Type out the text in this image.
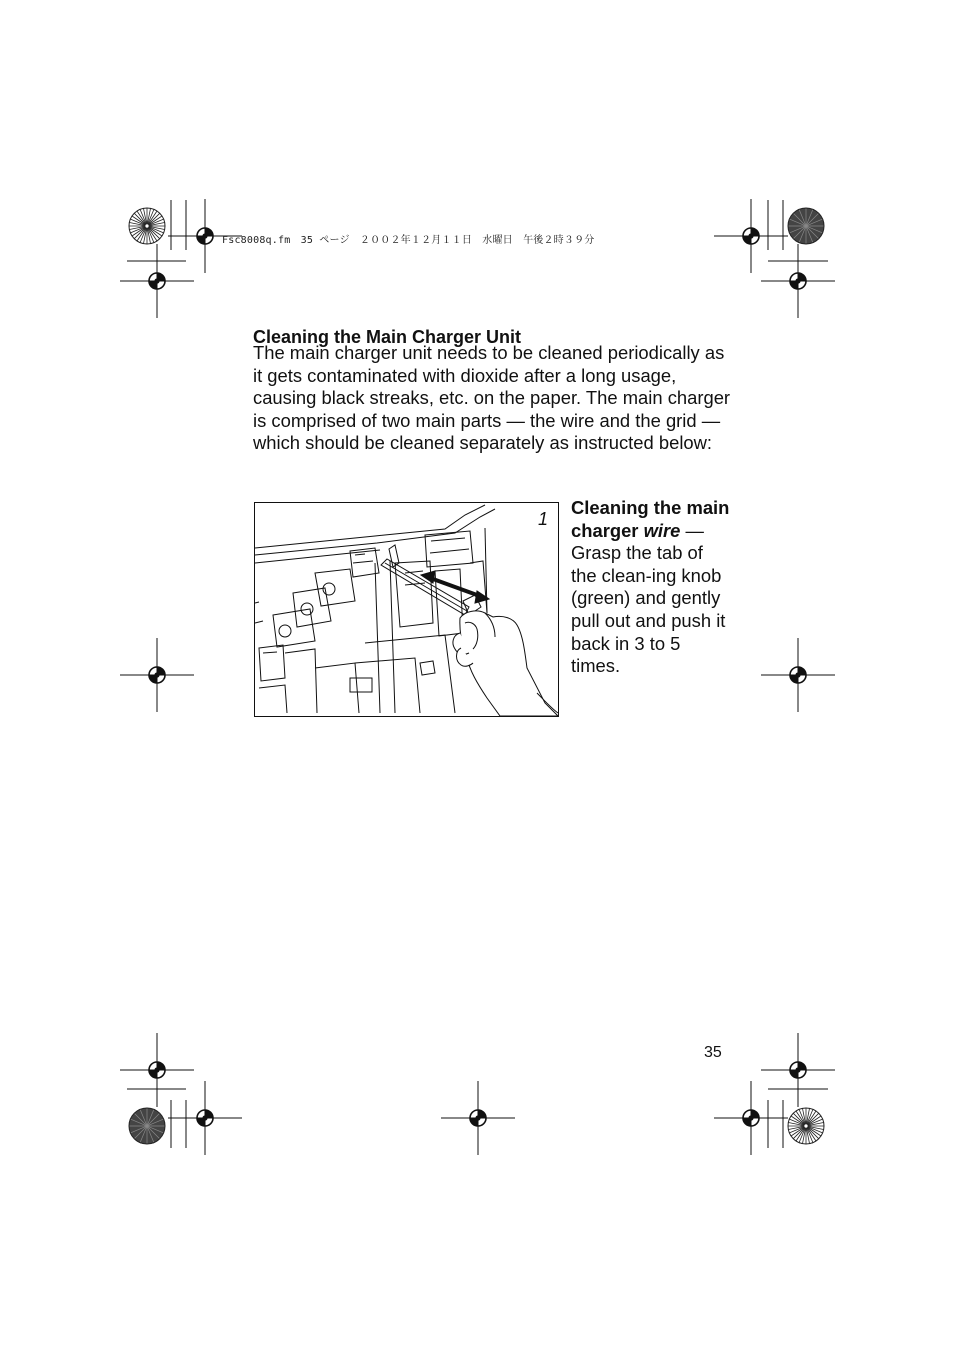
Fsc8008q.fm　35 ページ　２００２年１２月１１日　水曜日　午後２時３９分
Cleaning the Main Charger Unit

The main charger unit needs to be cleaned periodically as it gets contaminated with dioxide after a long usage, causing black streaks, etc. on the paper. The main charger is comprised of two main parts — the wire and the grid — which should be cleaned separately as instructed below:

1

Cleaning the main charger wire — Grasp the tab of the clean-ing knob (green) and gently pull out and push it back in 3 to 5 times.

35
